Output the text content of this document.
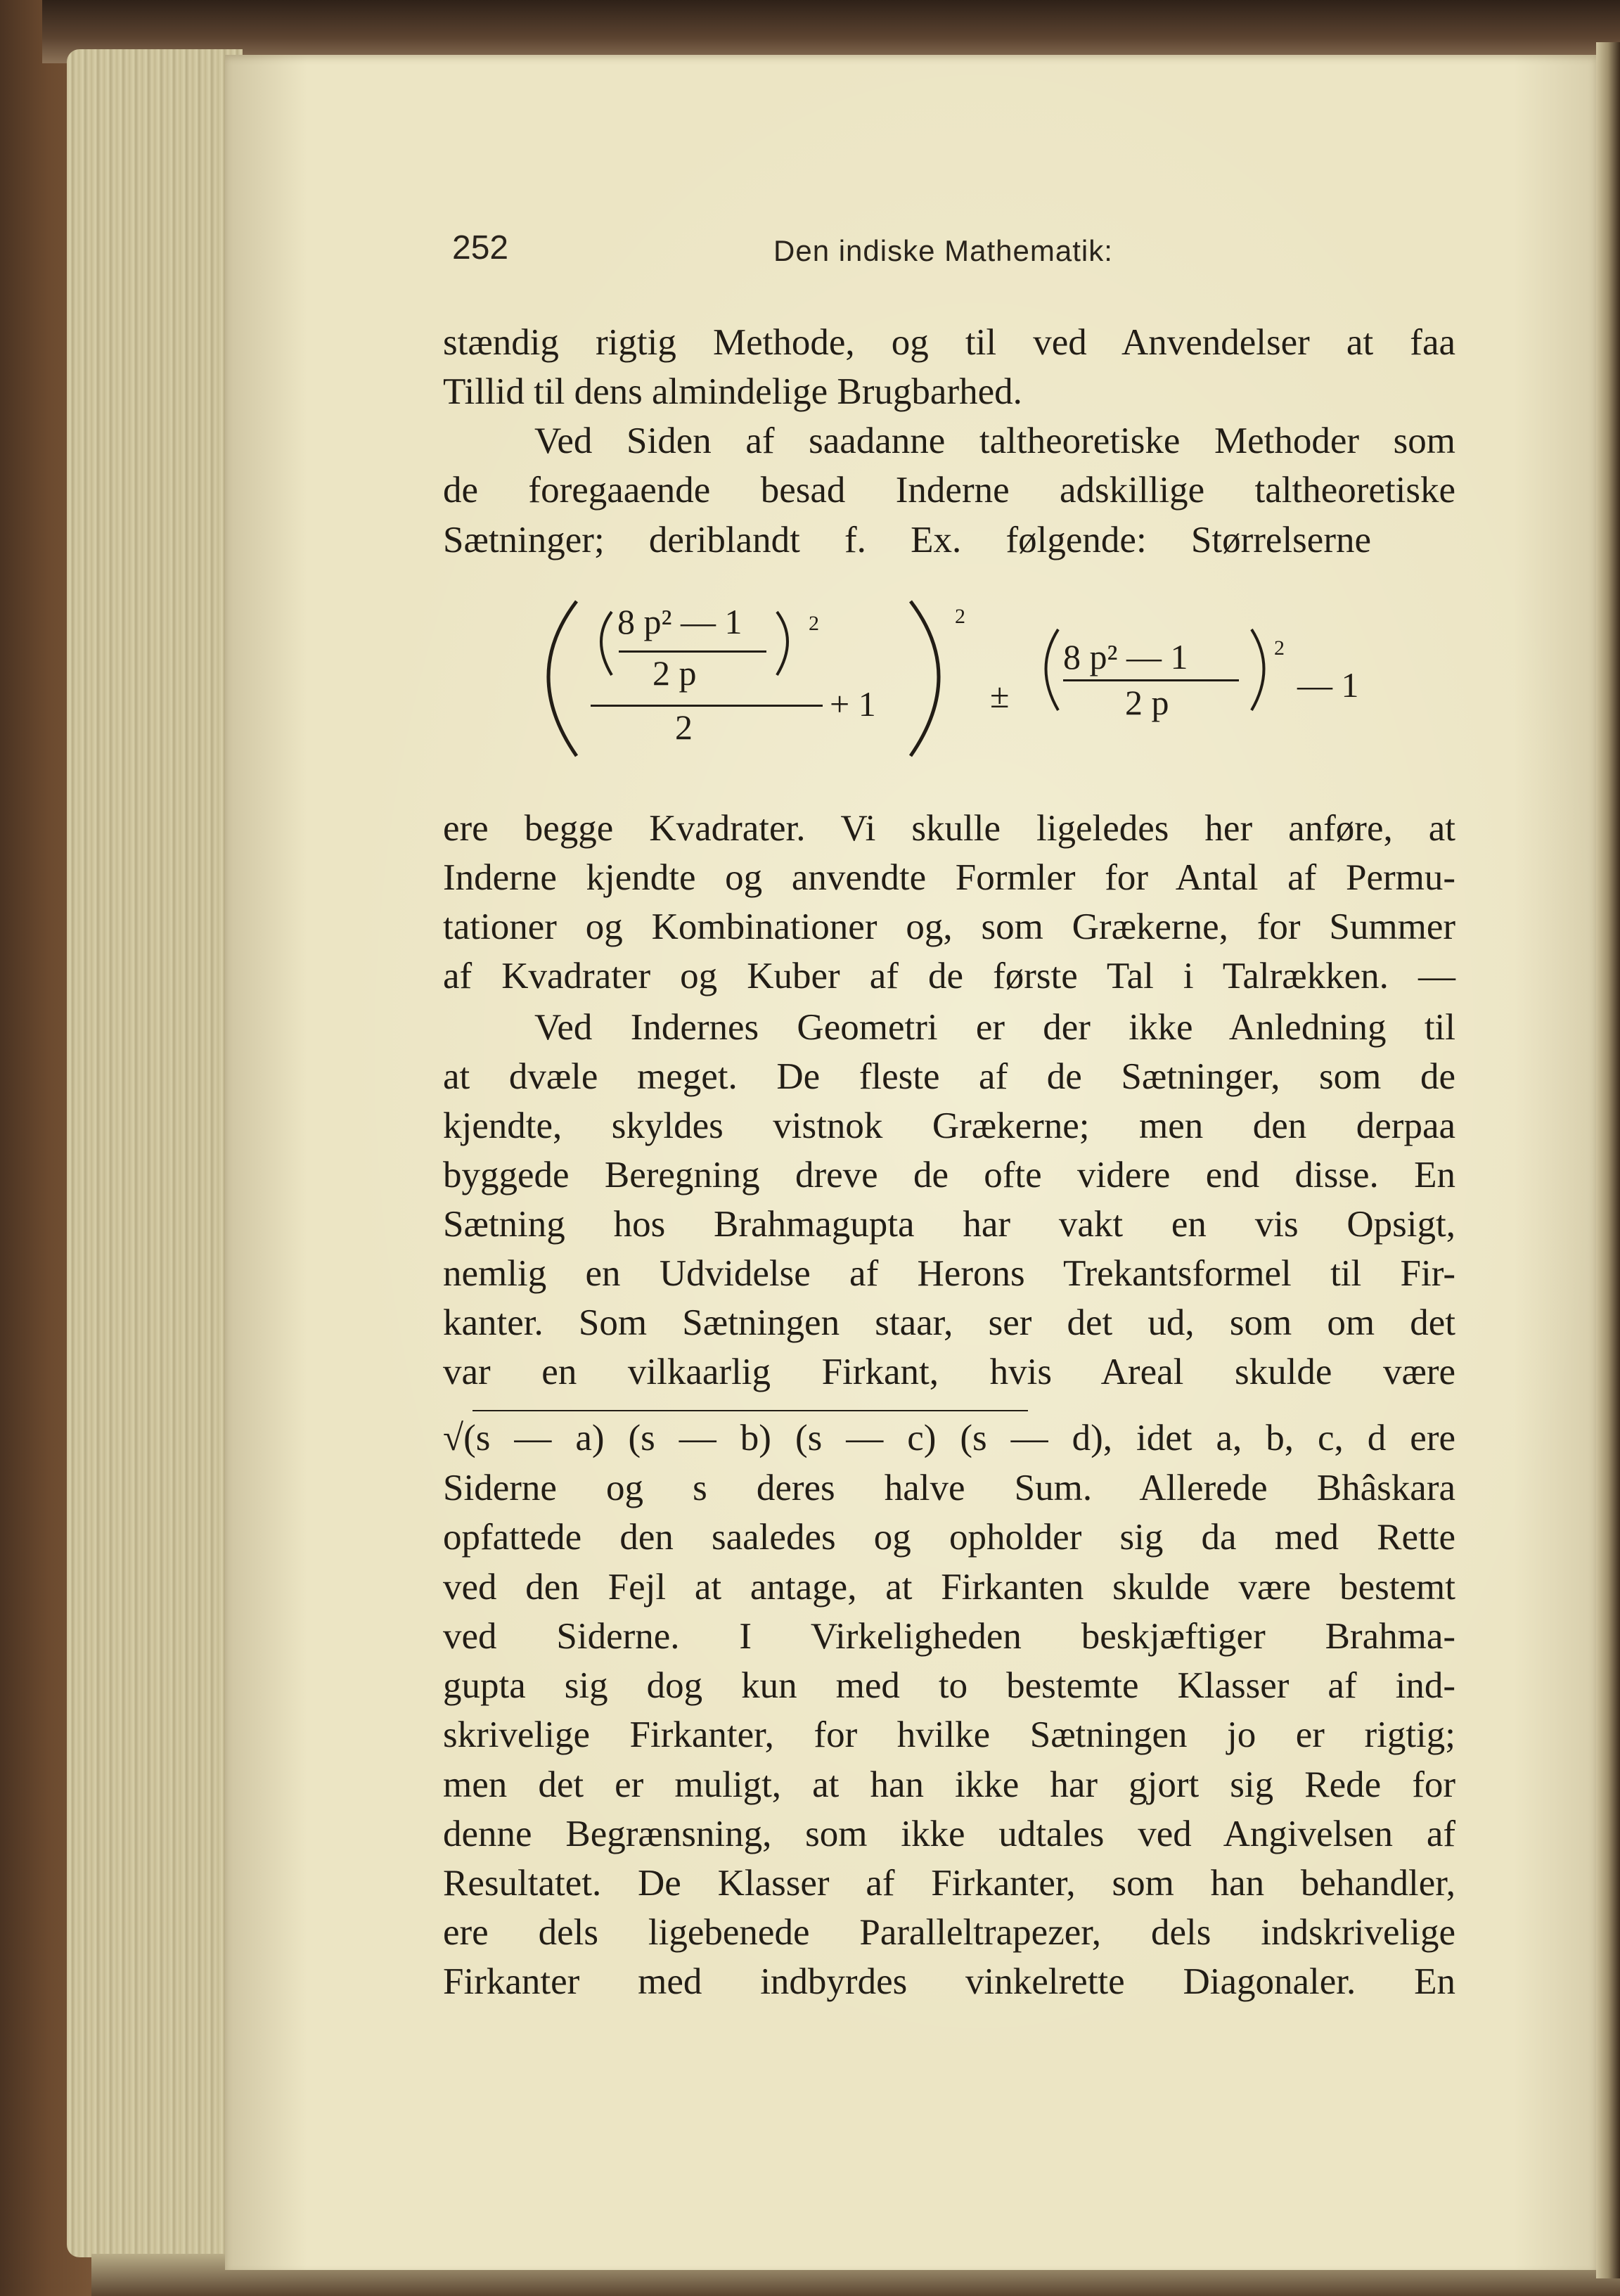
252	Den indiske Mathematik:
stændig rigtig Methode, og til ved Anvendelser at faa
Tillid til dens almindelige Brugbarhed.
Ved Siden af saadanne taltheoretiske Methoder som
de foregaaende besad Inderne adskillige taltheoretiske
Sætninger; deriblandt f. Ex. følgende: Størrelserne
8 p² — 1
2 p
2
2
+ 1
2
±
8 p² — 1
2 p
2
— 1
ere begge Kvadrater. Vi skulle ligeledes her anføre, at
Inderne kjendte og anvendte Formler for Antal af Permu-
tationer og Kombinationer og, som Grækerne, for Summer
af Kvadrater og Kuber af de første Tal i Talrækken. —
Ved Indernes Geometri er der ikke Anledning til
at dvæle meget. De fleste af de Sætninger, som de
kjendte, skyldes vistnok Grækerne; men den derpaa
byggede Beregning dreve de ofte videre end disse. En
Sætning hos Brahmagupta har vakt en vis Opsigt,
nemlig en Udvidelse af Herons Trekantsformel til Fir-
kanter. Som Sætningen staar, ser det ud, som om det
var en vilkaarlig Firkant, hvis Areal skulde være
√(s — a) (s — b) (s — c) (s — d), idet a, b, c, d ere
Siderne og s deres halve Sum. Allerede Bhâskara
opfattede den saaledes og opholder sig da med Rette
ved den Fejl at antage, at Firkanten skulde være bestemt
ved Siderne. I Virkeligheden beskjæftiger Brahma-
gupta sig dog kun med to bestemte Klasser af ind-
skrivelige Firkanter, for hvilke Sætningen jo er rigtig;
men det er muligt, at han ikke har gjort sig Rede for
denne Begrænsning, som ikke udtales ved Angivelsen af
Resultatet. De Klasser af Firkanter, som han behandler,
ere dels ligebenede Paralleltrapezer, dels indskrivelige
Firkanter med indbyrdes vinkelrette Diagonaler. En
